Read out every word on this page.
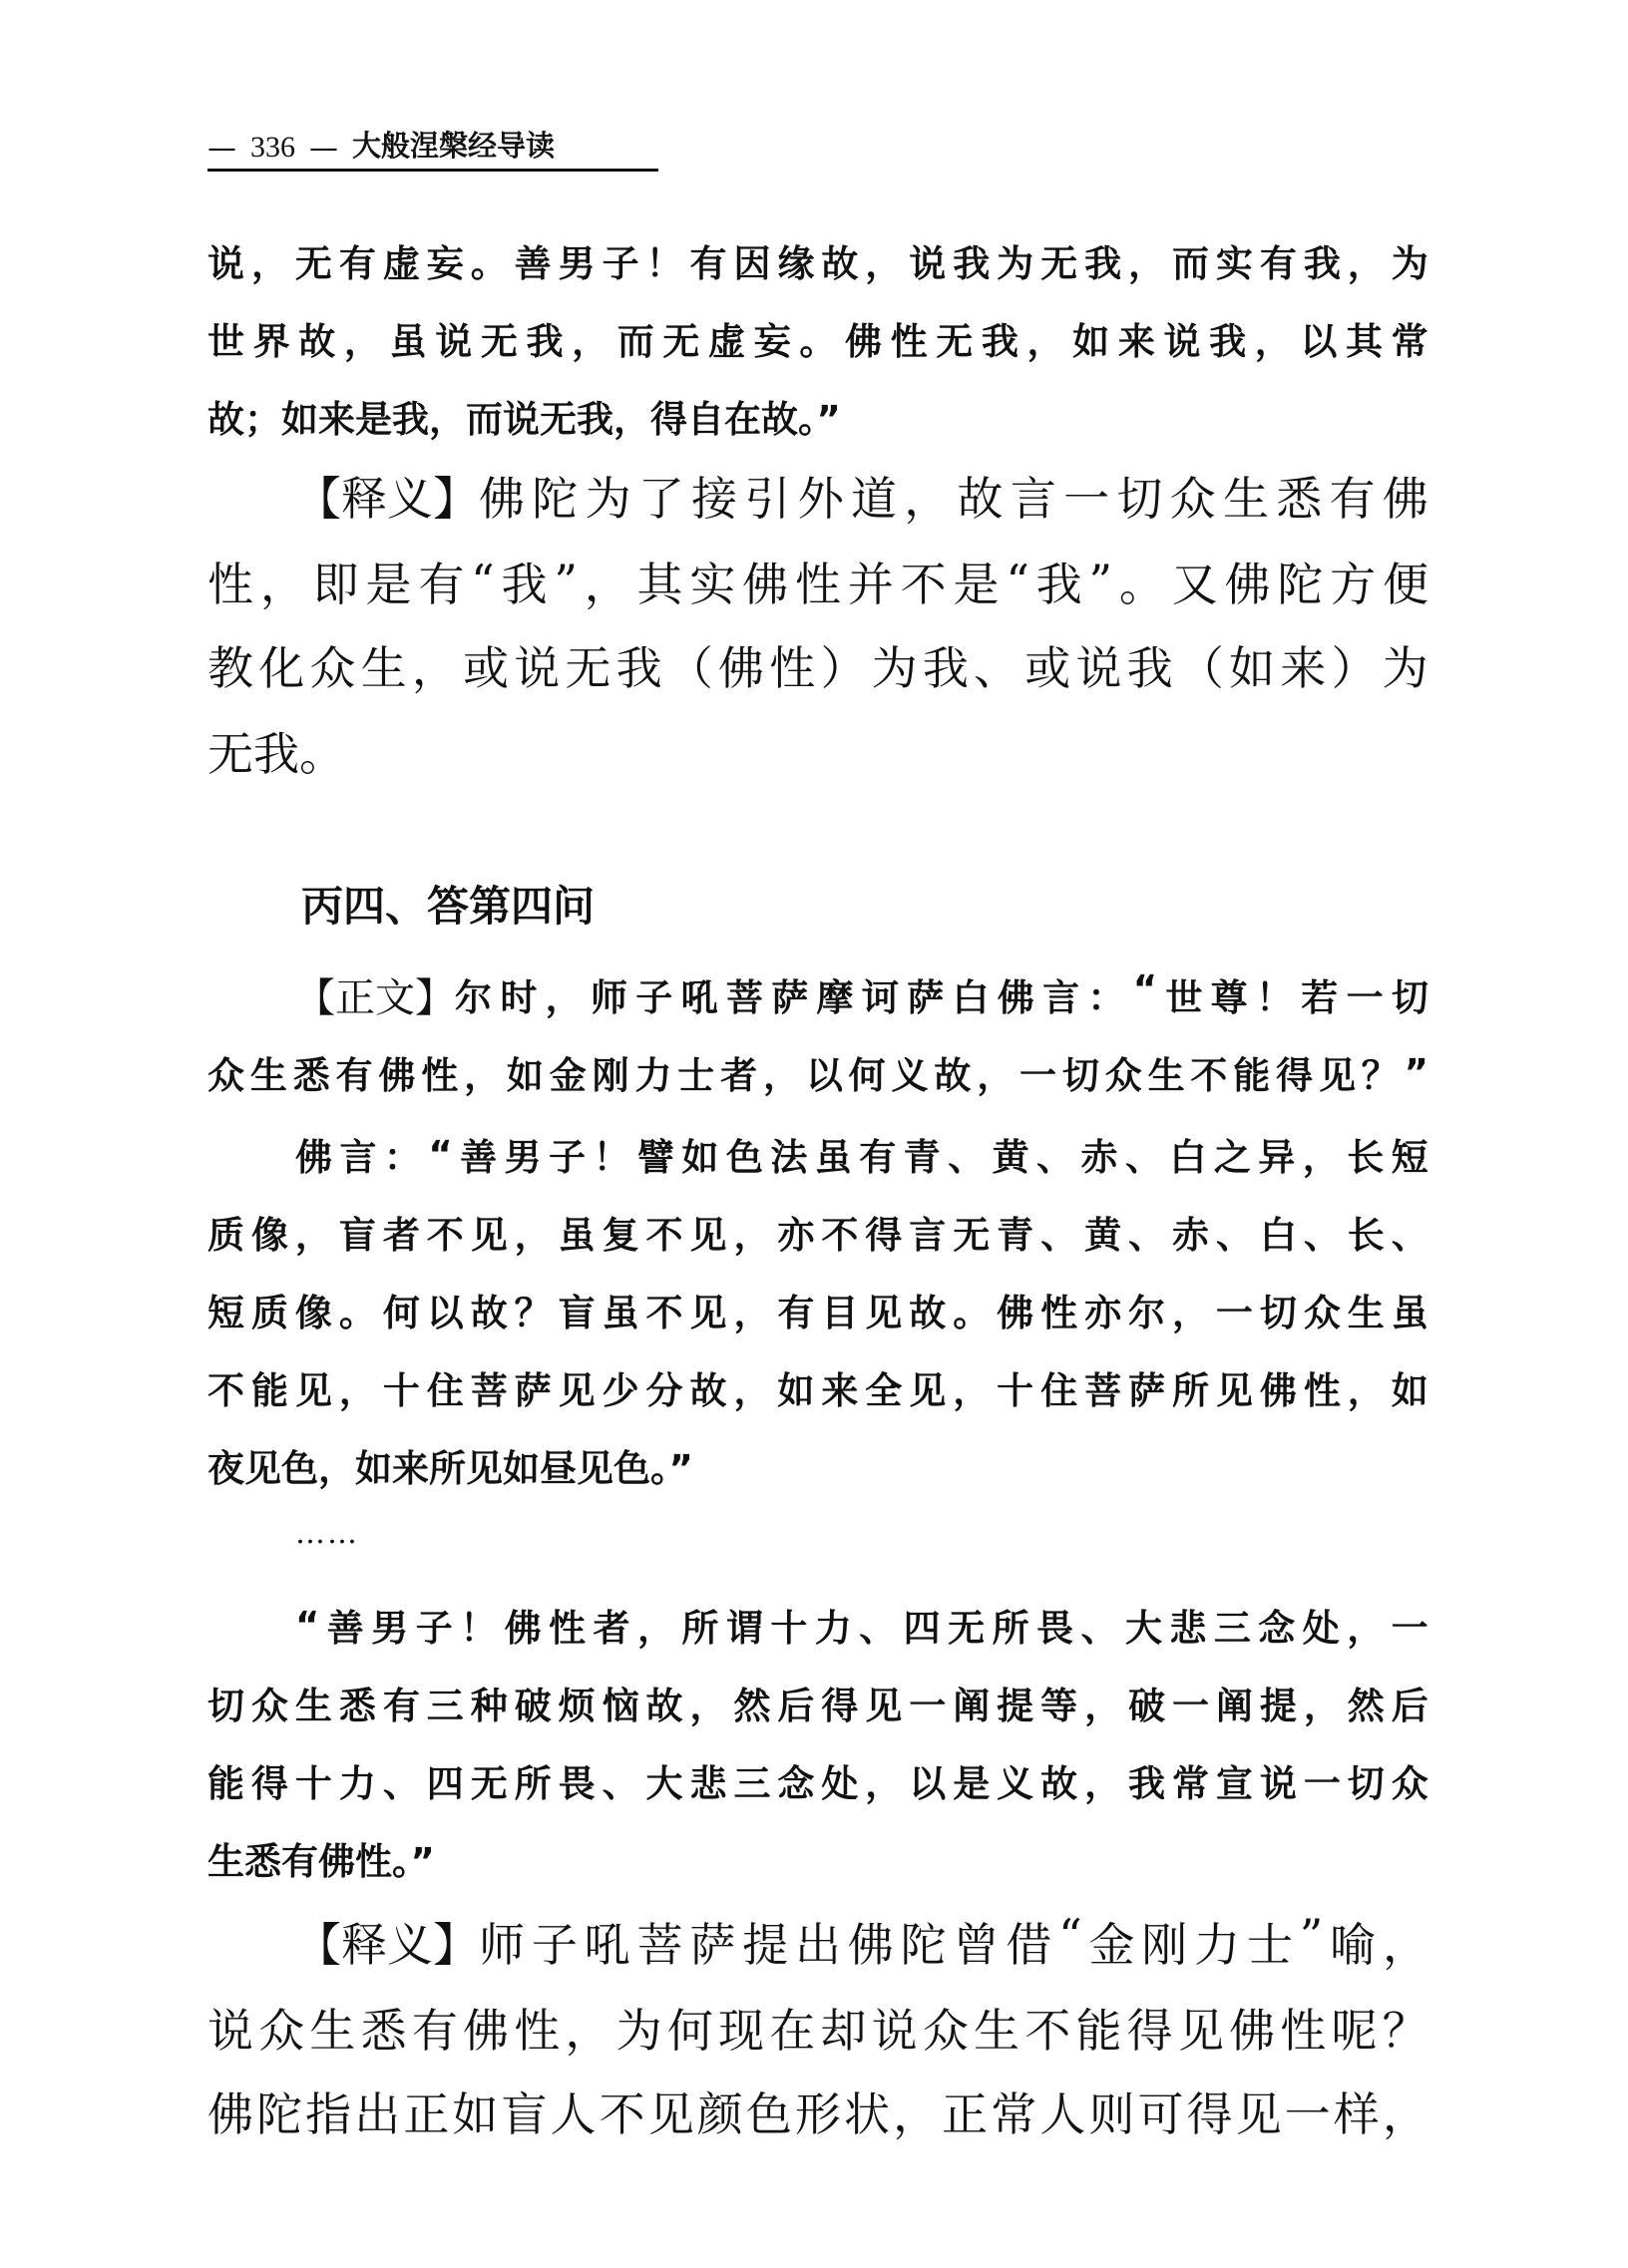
— 336 — 大般涅槃经导读
说 ， 无 有 虚 妄 。 善 男 子 ！ 有 因 缘 故 ， 说 我 为 无 我 ， 而 实 有 我 ， 为
世 界 故 ， 虽 说 无 我 ， 而 无 虚 妄 。 佛 性 无 我 ， 如 来 说 我 ， 以 其 常
故；如来是我，而说无我，得自在故。”
【释义】 佛 陀 为 了 接 引 外 道 ， 故 言 一 切 众 生 悉 有 佛
性 ， 即 是 有 “ 我 ” ， 其 实 佛 性 并 不 是 “ 我 ” 。 又 佛 陀 方 便
教 化 众 生 ， 或 说 无 我 （ 佛 性 ） 为 我 、 或 说 我 （ 如 来 ） 为
无我。
丙四、答第四问
【正文】 尔 时 ， 师 子 吼 菩 萨 摩 诃 萨 白 佛 言 ： “ 世 尊 ！ 若 一 切
众 生 悉 有 佛 性 ， 如 金 刚 力 士 者 ， 以 何 义 故 ， 一 切 众 生 不 能 得 见 ？ ”
佛 言 ： “ 善 男 子 ！ 譬 如 色 法 虽 有 青 、 黄 、 赤 、 白 之 异 ， 长 短
质 像 ， 盲 者 不 见 ， 虽 复 不 见 ， 亦 不 得 言 无 青 、 黄 、 赤 、 白 、 长 、
短 质 像 。 何 以 故 ？ 盲 虽 不 见 ， 有 目 见 故 。 佛 性 亦 尔 ， 一 切 众 生 虽
不 能 见 ， 十 住 菩 萨 见 少 分 故 ， 如 来 全 见 ， 十 住 菩 萨 所 见 佛 性 ， 如
夜见色，如来所见如昼见色。”
……
“ 善 男 子 ！ 佛 性 者 ， 所 谓 十 力 、 四 无 所 畏 、 大 悲 三 念 处 ， 一
切 众 生 悉 有 三 种 破 烦 恼 故 ， 然 后 得 见 一 阐 提 等 ， 破 一 阐 提 ， 然 后
能 得 十 力 、 四 无 所 畏 、 大 悲 三 念 处 ， 以 是 义 故 ， 我 常 宣 说 一 切 众
生悉有佛性。”
【释义】 师 子 吼 菩 萨 提 出 佛 陀 曾 借 “ 金 刚 力 士 ” 喻 ，
说 众 生 悉 有 佛 性 ， 为 何 现 在 却 说 众 生 不 能 得 见 佛 性 呢 ？
佛 陀 指 出 正 如 盲 人 不 见 颜 色 形 状 ， 正 常 人 则 可 得 见 一 样 ，
